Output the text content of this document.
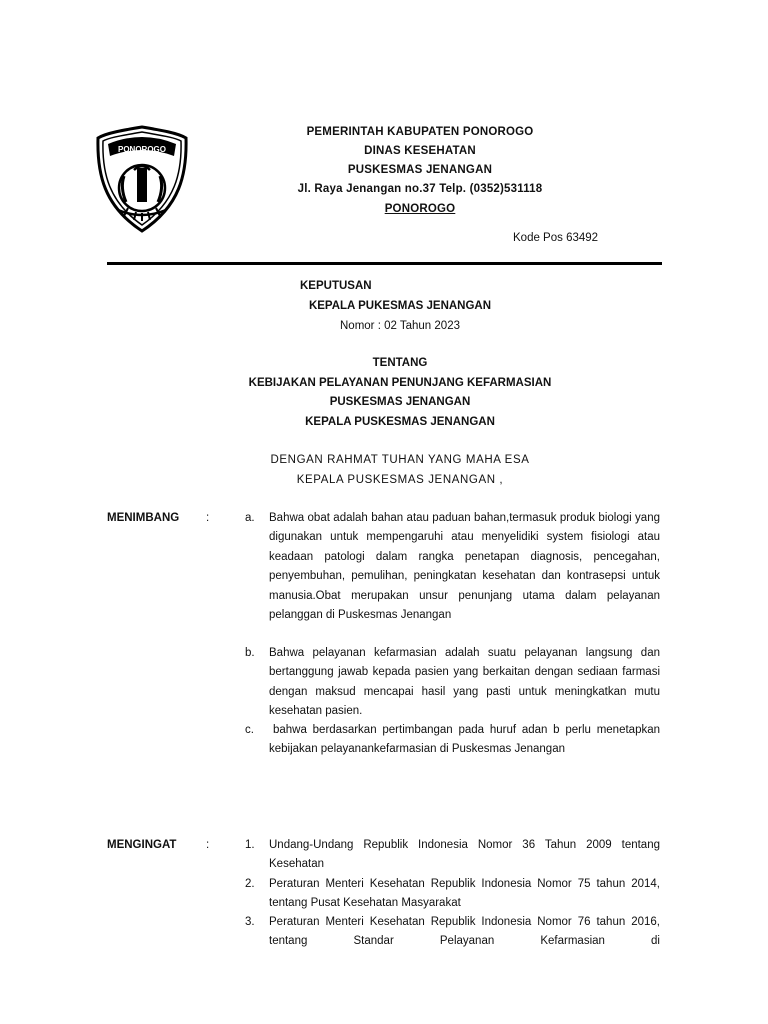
PONOROGO
PEMERINTAH KABUPATEN PONOROGO
DINAS KESEHATAN
PUSKESMAS JENANGAN
Jl. Raya Jenangan no.37 Telp. (0352)531118
PONOROGO
Kode Pos 63492
KEPUTUSAN
KEPALA PUKESMAS JENANGAN
Nomor : 02 Tahun 2023
TENTANG
KEBIJAKAN PELAYANAN PENUNJANG KEFARMASIAN
PUSKESMAS JENANGAN
KEPALA PUSKESMAS JENANGAN
DENGAN RAHMAT TUHAN YANG MAHA ESA
KEPALA PUSKESMAS JENANGAN ,
MENIMBANG :	a. Bahwa obat adalah bahan atau paduan bahan,termasuk produk biologi yang digunakan untuk mempengaruhi atau menyelidiki system fisiologi atau keadaan patologi dalam rangka penetapan diagnosis, pencegahan, penyembuhan, pemulihan, peningkatan kesehatan dan kontrasepsi untuk manusia.Obat merupakan unsur penunjang utama dalam pelayanan pelanggan di Puskesmas Jenangan
b. Bahwa pelayanan kefarmasian adalah suatu pelayanan langsung dan bertanggung jawab kepada pasien yang berkaitan dengan sediaan farmasi dengan maksud mencapai hasil yang pasti untuk meningkatkan mutu kesehatan pasien.
c.	bahwa berdasarkan pertimbangan pada huruf adan b perlu menetapkan kebijakan pelayanankefarmasian di Puskesmas Jenangan
MENGINGAT	:	1. Undang-Undang Republik Indonesia Nomor 36 Tahun 2009 tentang Kesehatan
2. Peraturan Menteri Kesehatan Republik Indonesia Nomor 75 tahun 2014, tentang Pusat Kesehatan Masyarakat
3. Peraturan Menteri Kesehatan Republik Indonesia Nomor 76 tahun 2016, tentang Standar Pelayanan Kefarmasian di
